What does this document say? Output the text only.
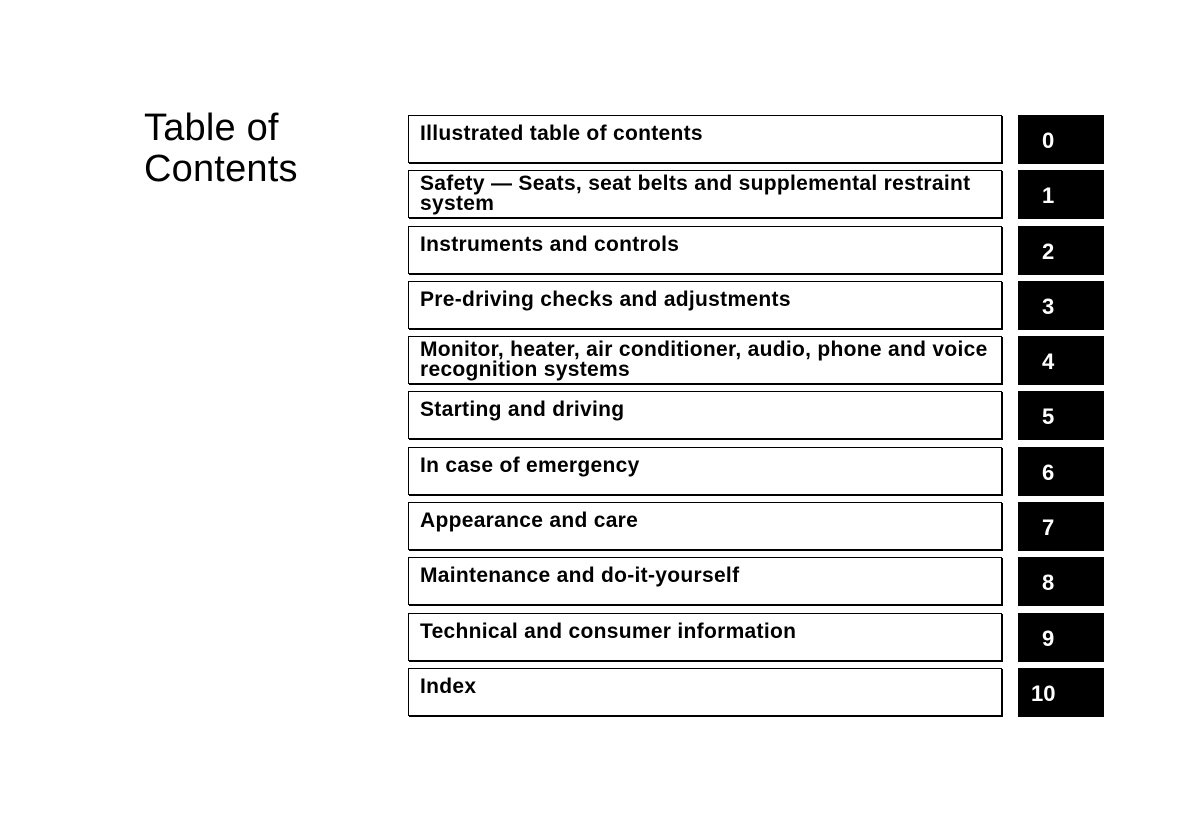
Table of
Contents
Illustrated table of contents	0
Safety — Seats, seat belts and supplemental restraint system	1
Instruments and controls	2
Pre-driving checks and adjustments	3
Monitor, heater, air conditioner, audio, phone and voice recognition systems	4
Starting and driving	5
In case of emergency	6
Appearance and care	7
Maintenance and do-it-yourself	8
Technical and consumer information	9
Index	10
